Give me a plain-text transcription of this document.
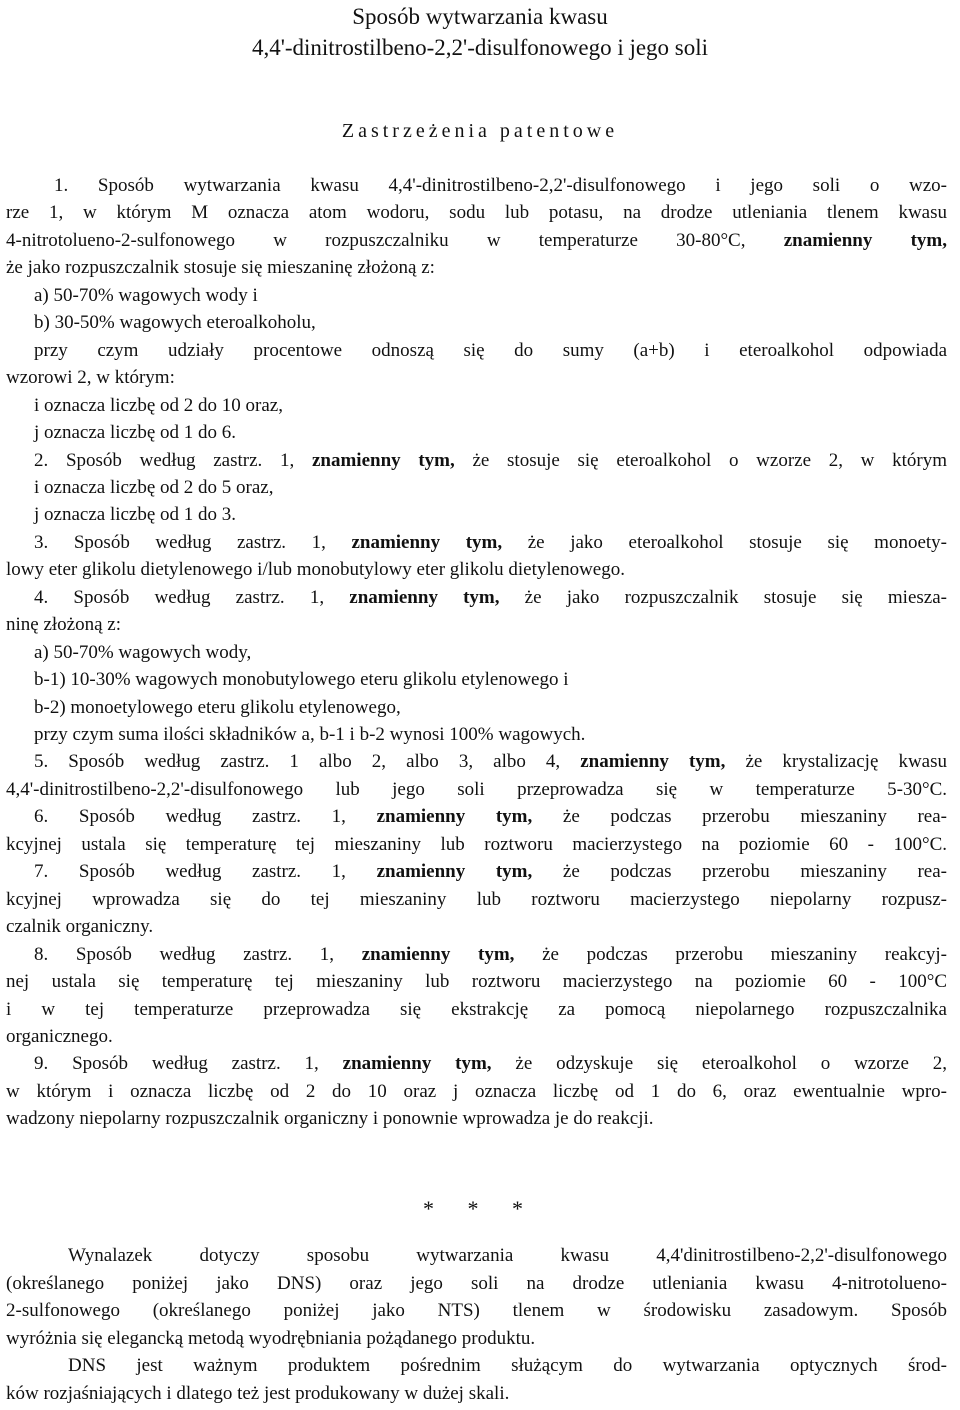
Sposób wytwarzania kwasu
4,4'-dinitrostilbeno-2,2'-disulfonowego i jego soli
Zastrzeżenia patentowe
1. Sposób wytwarzania kwasu 4,4'-dinitrostilbeno-2,2'-disulfonowego i jego soli o wzo-
rze 1, w którym M oznacza atom wodoru, sodu lub potasu, na drodze utleniania tlenem kwasu
4-nitrotolueno-2-sulfonowego w rozpuszczalniku w temperaturze 30-80°C, znamienny tym,
że jako rozpuszczalnik stosuje się mieszaninę złożoną z:
a) 50-70% wagowych wody i
b) 30-50% wagowych eteroalkoholu,
przy czym udziały procentowe odnoszą się do sumy (a+b) i eteroalkohol odpowiada
wzorowi 2, w którym:
i oznacza liczbę od 2 do 10 oraz,
j oznacza liczbę od 1 do 6.
2. Sposób według zastrz. 1, znamienny tym, że stosuje się eteroalkohol o wzorze 2, w którym
i oznacza liczbę od 2 do 5 oraz,
j oznacza liczbę od 1 do 3.
3. Sposób według zastrz. 1, znamienny tym, że jako eteroalkohol stosuje się monoety-
lowy eter glikolu dietylenowego i/lub monobutylowy eter glikolu dietylenowego.
4. Sposób według zastrz. 1, znamienny tym, że jako rozpuszczalnik stosuje się miesza-
ninę złożoną z:
a) 50-70% wagowych wody,
b-1) 10-30% wagowych monobutylowego eteru glikolu etylenowego i
b-2) monoetylowego eteru glikolu etylenowego,
przy czym suma ilości składników a, b-1 i b-2 wynosi 100% wagowych.
5. Sposób według zastrz. 1 albo 2, albo 3, albo 4, znamienny tym, że krystalizację kwasu
4,4'-dinitrostilbeno-2,2'-disulfonowego lub jego soli przeprowadza się w temperaturze 5-30°C.
6. Sposób według zastrz. 1, znamienny tym, że podczas przerobu mieszaniny rea-
kcyjnej ustala się temperaturę tej mieszaniny lub roztworu macierzystego na poziomie 60 - 100°C.
7. Sposób według zastrz. 1, znamienny tym, że podczas przerobu mieszaniny rea-
kcyjnej wprowadza się do tej mieszaniny lub roztworu macierzystego niepolarny rozpusz-
czalnik organiczny.
8. Sposób według zastrz. 1, znamienny tym, że podczas przerobu mieszaniny reakcyj-
nej ustala się temperaturę tej mieszaniny lub roztworu macierzystego na poziomie 60 - 100°C
i w tej temperaturze przeprowadza się ekstrakcję za pomocą niepolarnego rozpuszczalnika
organicznego.
9. Sposób według zastrz. 1, znamienny tym, że odzyskuje się eteroalkohol o wzorze 2,
w którym i oznacza liczbę od 2 do 10 oraz j oznacza liczbę od 1 do 6, oraz ewentualnie wpro-
wadzony niepolarny rozpuszczalnik organiczny i ponownie wprowadza je do reakcji.
* * *
Wynalazek dotyczy sposobu wytwarzania kwasu 4,4'dinitrostilbeno-2,2'-disulfonowego
(określanego poniżej jako DNS) oraz jego soli na drodze utleniania kwasu 4-nitrotolueno-
2-sulfonowego (określanego poniżej jako NTS) tlenem w środowisku zasadowym. Sposób
wyróżnia się elegancką metodą wyodrębniania pożądanego produktu.
DNS jest ważnym produktem pośrednim służącym do wytwarzania optycznych środ-
ków rozjaśniających i dlatego też jest produkowany w dużej skali.
